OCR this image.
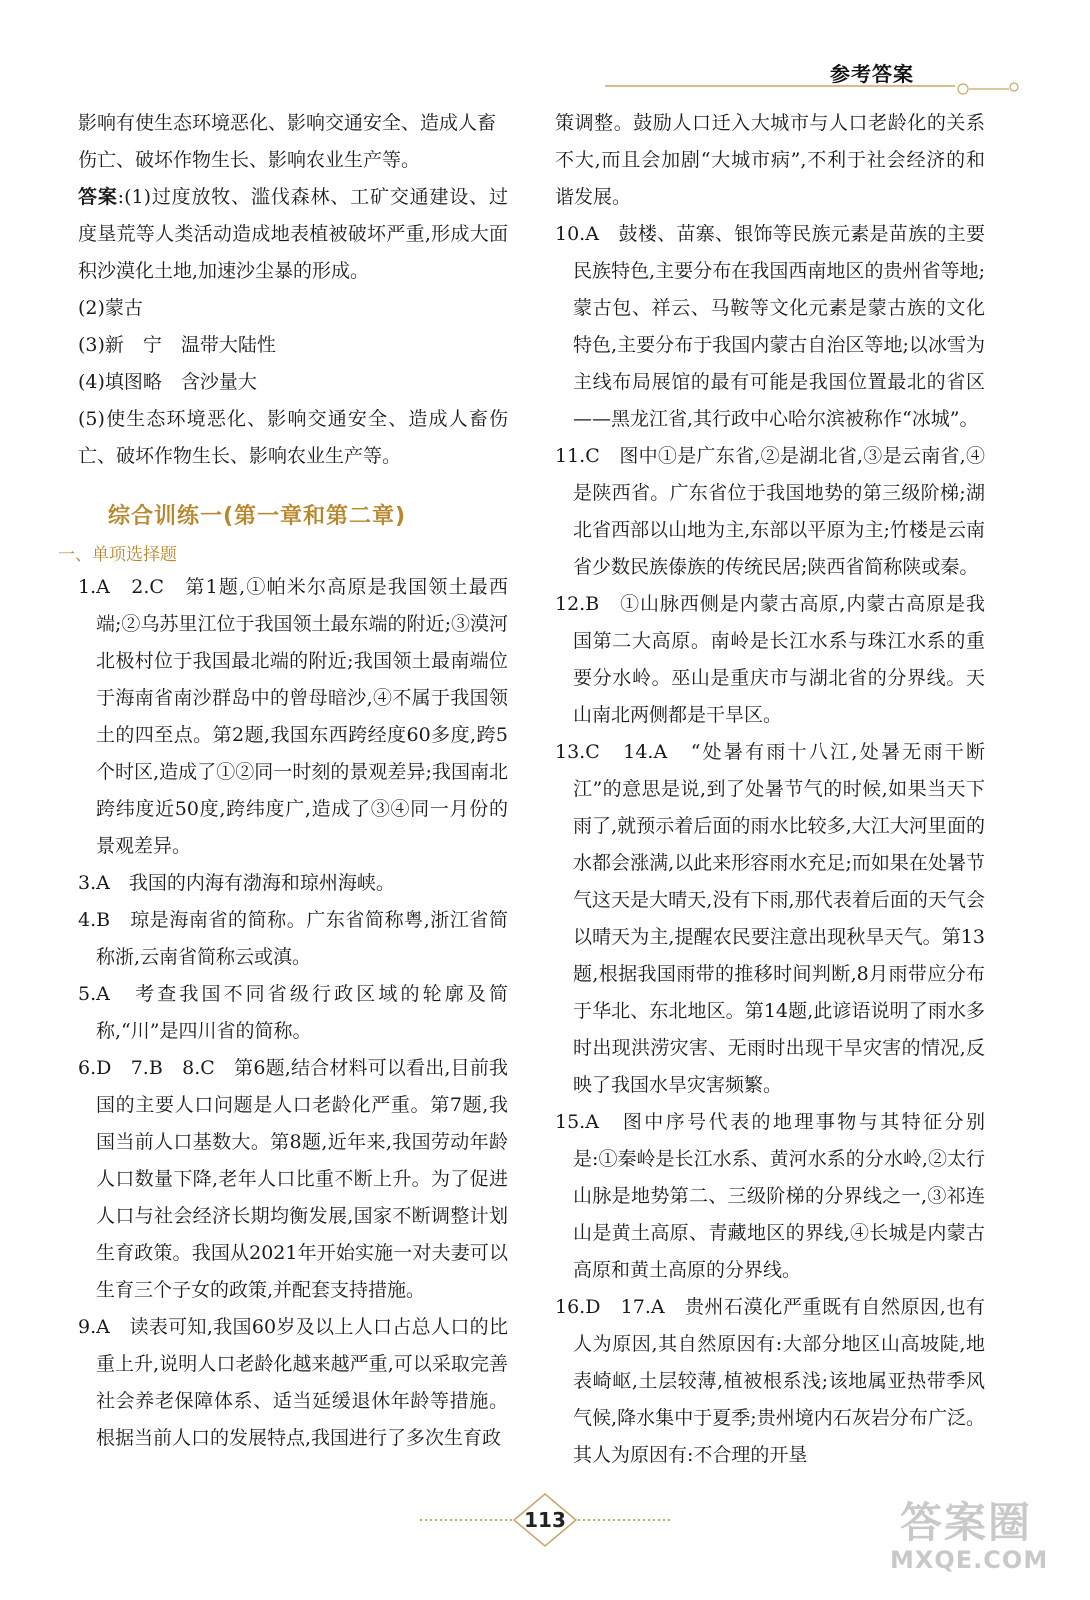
参考答案

影响有使生态环境恶化、影响交通安全、造成人畜

伤亡、破坏作物生长、影响农业生产等。

答案:(1)过度放牧、滥伐森林、工矿交通建设、过度垦荒等人类活动造成地表植被破坏严重,形成大面积沙漠化土地,加速沙尘暴的形成。

(2)蒙古

(3)新　宁　温带大陆性

(4)填图略　含沙量大

(5)使生态环境恶化、影响交通安全、造成人畜伤亡、破坏作物生长、影响农业生产等。

综合训练一(第一章和第二章)
一、单项选择题

1.A　2.C　第1题,①帕米尔高原是我国领土最西端;②乌苏里江位于我国领土最东端的附近;③漠河北极村位于我国最北端的附近;我国领土最南端位于海南省南沙群岛中的曾母暗沙,④不属于我国领土的四至点。第2题,我国东西跨经度60多度,跨5个时区,造成了①②同一时刻的景观差异;我国南北跨纬度近50度,跨纬度广,造成了③④同一月份的景观差异。

3.A　我国的内海有渤海和琼州海峡。

4.B　琼是海南省的简称。广东省简称粤,浙江省简称浙,云南省简称云或滇。

5.A　考查我国不同省级行政区域的轮廓及简称,“川”是四川省的简称。

6.D　7.B　8.C　第6题,结合材料可以看出,目前我国的主要人口问题是人口老龄化严重。第7题,我国当前人口基数大。第8题,近年来,我国劳动年龄人口数量下降,老年人口比重不断上升。为了促进人口与社会经济长期均衡发展,国家不断调整计划生育政策。我国从2021年开始实施一对夫妻可以生育三个子女的政策,并配套支持措施。

9.A　读表可知,我国60岁及以上人口占总人口的比重上升,说明人口老龄化越来越严重,可以采取完善社会养老保障体系、适当延缓退休年龄等措施。根据当前人口的发展特点,我国进行了多次生育政

策调整。鼓励人口迁入大城市与人口老龄化的关系不大,而且会加剧“大城市病”,不利于社会经济的和谐发展。

10.A　鼓楼、苗寨、银饰等民族元素是苗族的主要民族特色,主要分布在我国西南地区的贵州省等地;蒙古包、祥云、马鞍等文化元素是蒙古族的文化特色,主要分布于我国内蒙古自治区等地;以冰雪为主线布局展馆的最有可能是我国位置最北的省区——黑龙江省,其行政中心哈尔滨被称作“冰城”。

11.C　图中①是广东省,②是湖北省,③是云南省,④是陕西省。广东省位于我国地势的第三级阶梯;湖北省西部以山地为主,东部以平原为主;竹楼是云南省少数民族傣族的传统民居;陕西省简称陕或秦。

12.B　①山脉西侧是内蒙古高原,内蒙古高原是我国第二大高原。南岭是长江水系与珠江水系的重要分水岭。巫山是重庆市与湖北省的分界线。天山南北两侧都是干旱区。

13.C　14.A　“处暑有雨十八江,处暑无雨干断江”的意思是说,到了处暑节气的时候,如果当天下雨了,就预示着后面的雨水比较多,大江大河里面的水都会涨满,以此来形容雨水充足;而如果在处暑节气这天是大晴天,没有下雨,那代表着后面的天气会以晴天为主,提醒农民要注意出现秋旱天气。第13题,根据我国雨带的推移时间判断,8月雨带应分布于华北、东北地区。第14题,此谚语说明了雨水多时出现洪涝灾害、无雨时出现干旱灾害的情况,反映了我国水旱灾害频繁。

15.A　图中序号代表的地理事物与其特征分别是:①秦岭是长江水系、黄河水系的分水岭,②太行山脉是地势第二、三级阶梯的分界线之一,③祁连山是黄土高原、青藏地区的界线,④长城是内蒙古高原和黄土高原的分界线。

16.D　17.A　贵州石漠化严重既有自然原因,也有人为原因,其自然原因有:大部分地区山高坡陡,地表崎岖,土层较薄,植被根系浅;该地属亚热带季风气候,降水集中于夏季;贵州境内石灰岩分布广泛。其人为原因有:不合理的开垦

113	答案圈
MXQE.COM
